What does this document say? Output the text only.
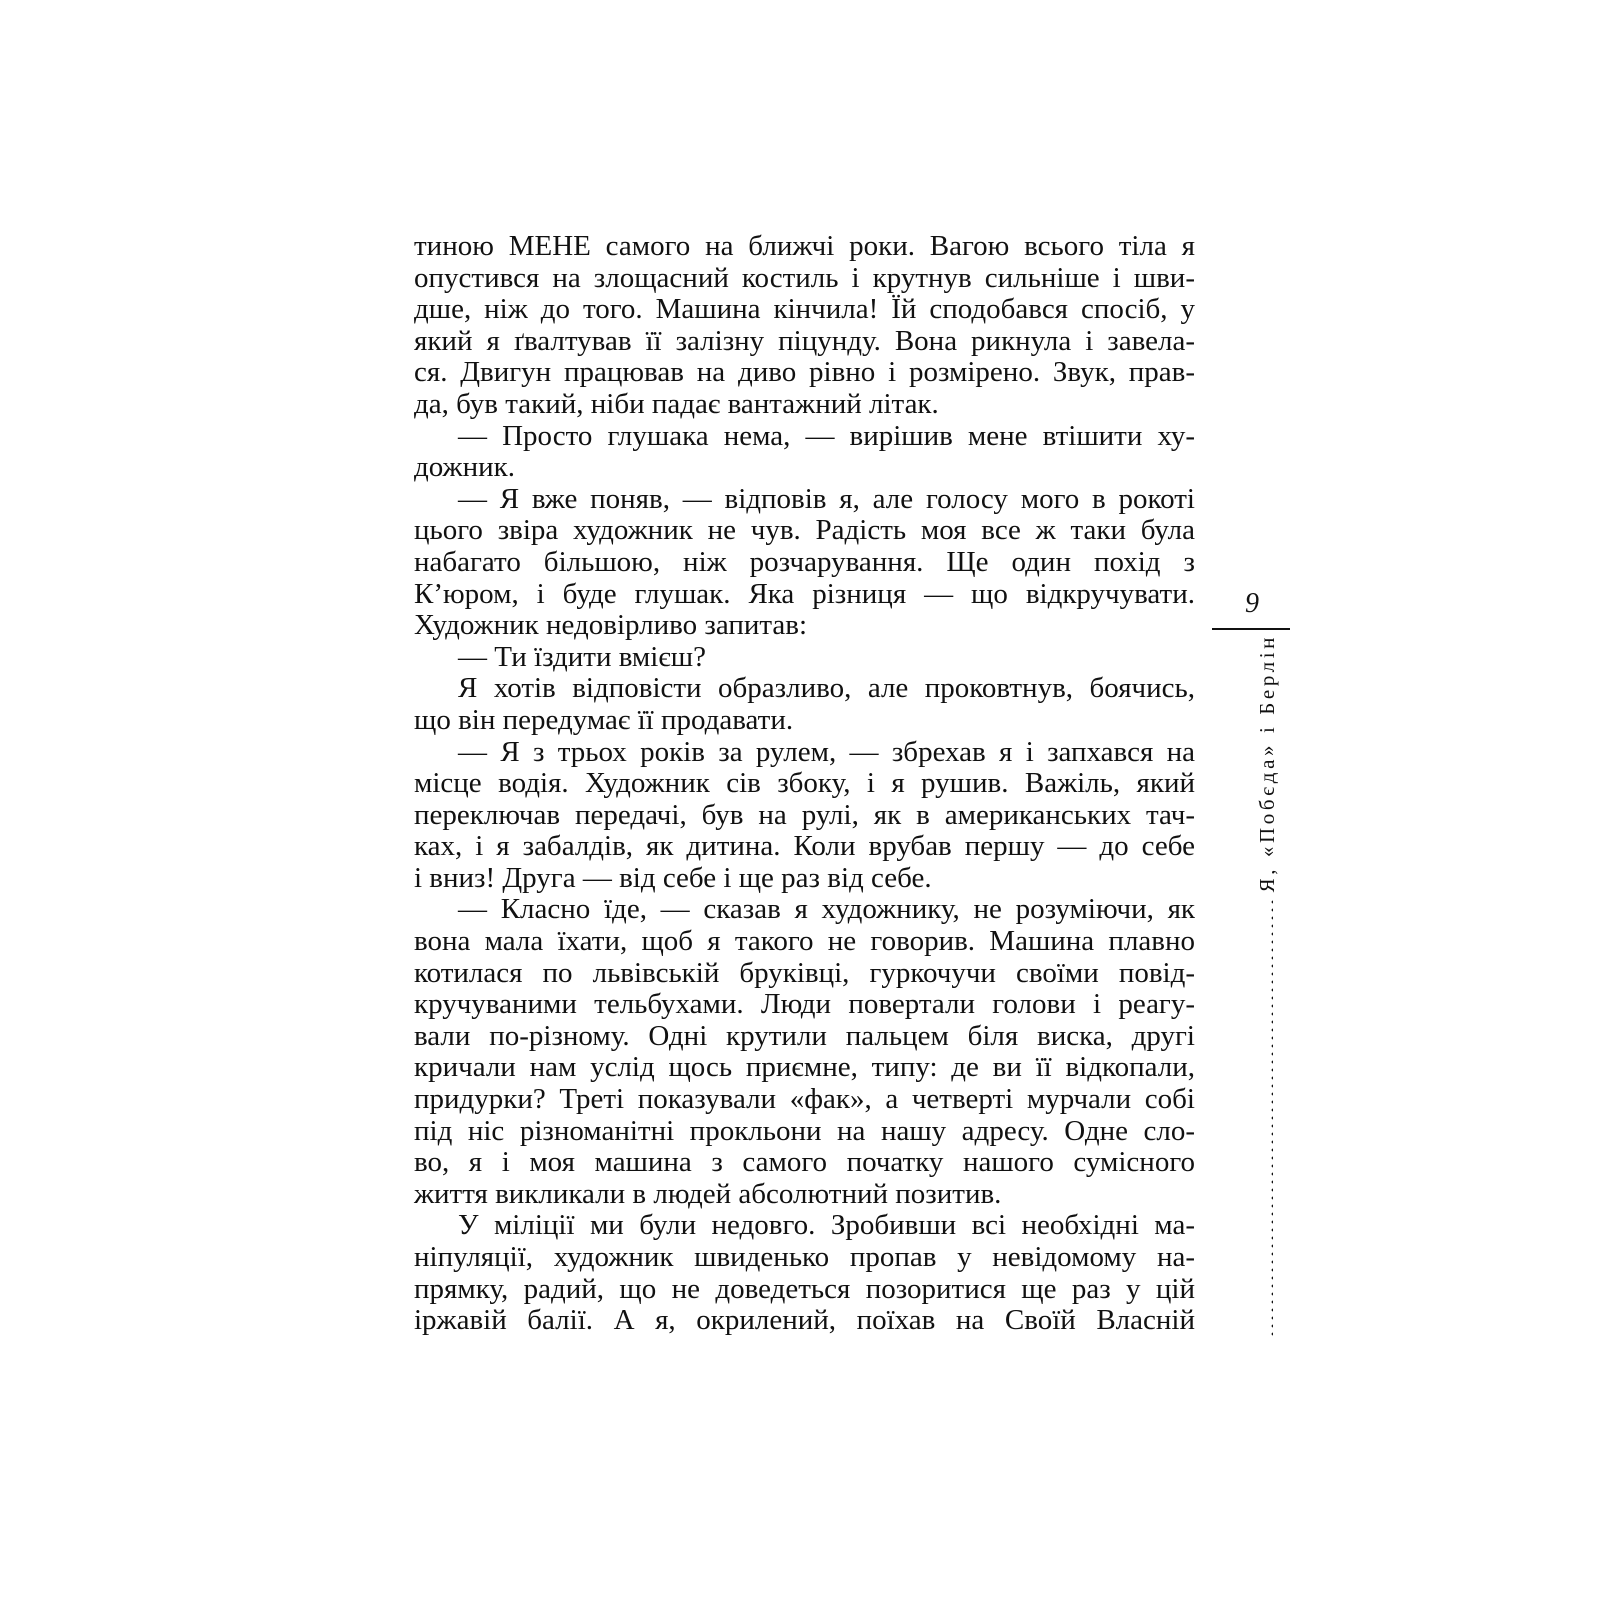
тиною МЕНЕ самого на ближчі роки. Вагою всього тіла я
опустився на злощасний костиль і крутнув сильніше і шви-
дше, ніж до того. Машина кінчила! Їй сподобався спосіб, у
який я ґвалтував її залізну піцунду. Вона рикнула і завела-
ся. Двигун працював на диво рівно і розмірено. Звук, прав-
да, був такий, ніби падає вантажний літак.
— Просто глушака нема, — вирішив мене втішити ху-
дожник.
— Я вже поняв, — відповів я, але голосу мого в рокоті
цього звіра художник не чув. Радість моя все ж таки була
набагато більшою, ніж розчарування. Ще один похід з
К’юром, і буде глушак. Яка різниця — що відкручувати.
Художник недовірливо запитав:
— Ти їздити вмієш?
Я хотів відповісти образливо, але проковтнув, боячись,
що він передумає її продавати.
— Я з трьох років за рулем, — збрехав я і запхався на
місце водія. Художник сів збоку, і я рушив. Важіль, який
переключав передачі, був на рулі, як в американських тач-
ках, і я забалдів, як дитина. Коли врубав першу — до себе
і вниз! Друга — від себе і ще раз від себе.
— Класно їде, — сказав я художнику, не розуміючи, як
вона мала їхати, щоб я такого не говорив. Машина плавно
котилася по львівській бруківці, гуркочучи своїми повід-
кручуваними тельбухами. Люди повертали голови і реагу-
вали по-різному. Одні крутили пальцем біля виска, другі
кричали нам услід щось приємне, типу: де ви її відкопали,
придурки? Треті показували «фак», а четверті мурчали собі
під ніс різноманітні прокльони на нашу адресу. Одне сло-
во, я і моя машина з самого початку нашого сумісного
життя викликали в людей абсолютний позитив.
У міліції ми були недовго. Зробивши всі необхідні ма-
ніпуляції, художник швиденько пропав у невідомому на-
прямку, радий, що не доведеться позоритися ще раз у цій
іржавій балії. А я, окрилений, поїхав на Своїй Власній
9
Я, «Побєда» і Берлін
